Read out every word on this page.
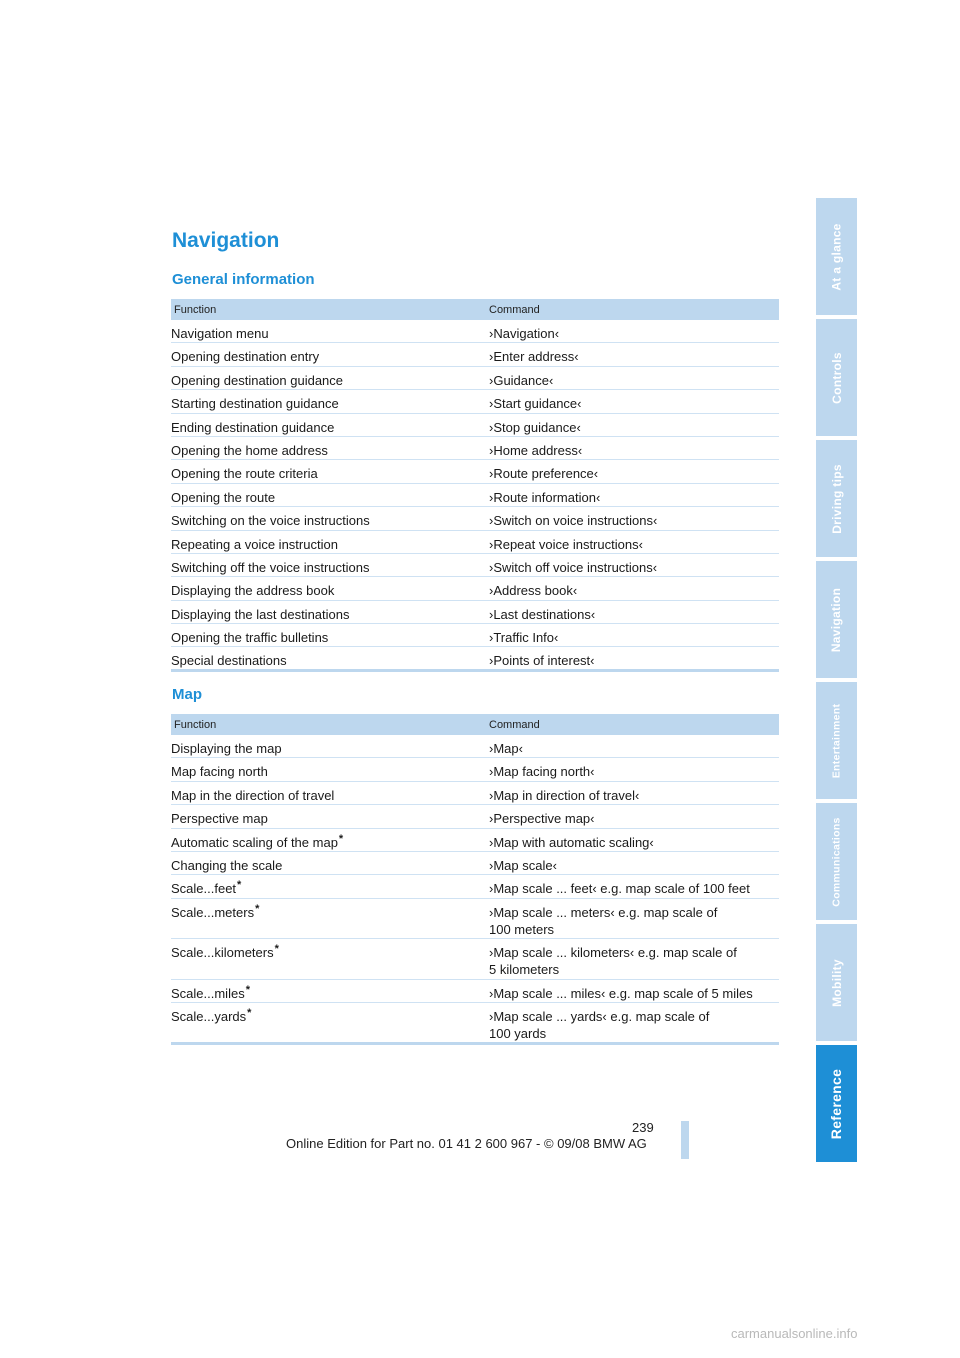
Navigation
General information
Function	Command
Navigation menu	›Navigation‹
Opening destination entry	›Enter address‹
Opening destination guidance	›Guidance‹
Starting destination guidance	›Start guidance‹
Ending destination guidance	›Stop guidance‹
Opening the home address	›Home address‹
Opening the route criteria	›Route preference‹
Opening the route	›Route information‹
Switching on the voice instructions	›Switch on voice instructions‹
Repeating a voice instruction	›Repeat voice instructions‹
Switching off the voice instructions	›Switch off voice instructions‹
Displaying the address book	›Address book‹
Displaying the last destinations	›Last destinations‹
Opening the traffic bulletins	›Traffic Info‹
Special destinations	›Points of interest‹
Map
Function	Command
Displaying the map	›Map‹
Map facing north	›Map facing north‹
Map in the direction of travel	›Map in direction of travel‹
Perspective map	›Perspective map‹
Automatic scaling of the map*	›Map with automatic scaling‹
Changing the scale	›Map scale‹
Scale...feet*	›Map scale ... feet‹ e.g. map scale of 100 feet
Scale...meters*	›Map scale ... meters‹ e.g. map scale of
100 meters
Scale...kilometers*	›Map scale ... kilometers‹ e.g. map scale of
5 kilometers
Scale...miles*	›Map scale ... miles‹ e.g. map scale of 5 miles
Scale...yards*	›Map scale ... yards‹ e.g. map scale of
100 yards
At a glance
Controls
Driving tips
Navigation
Entertainment
Communications
Mobility
Reference
239
Online Edition for Part no. 01 41 2 600 967 - © 09/08 BMW AG
carmanualsonline.info
